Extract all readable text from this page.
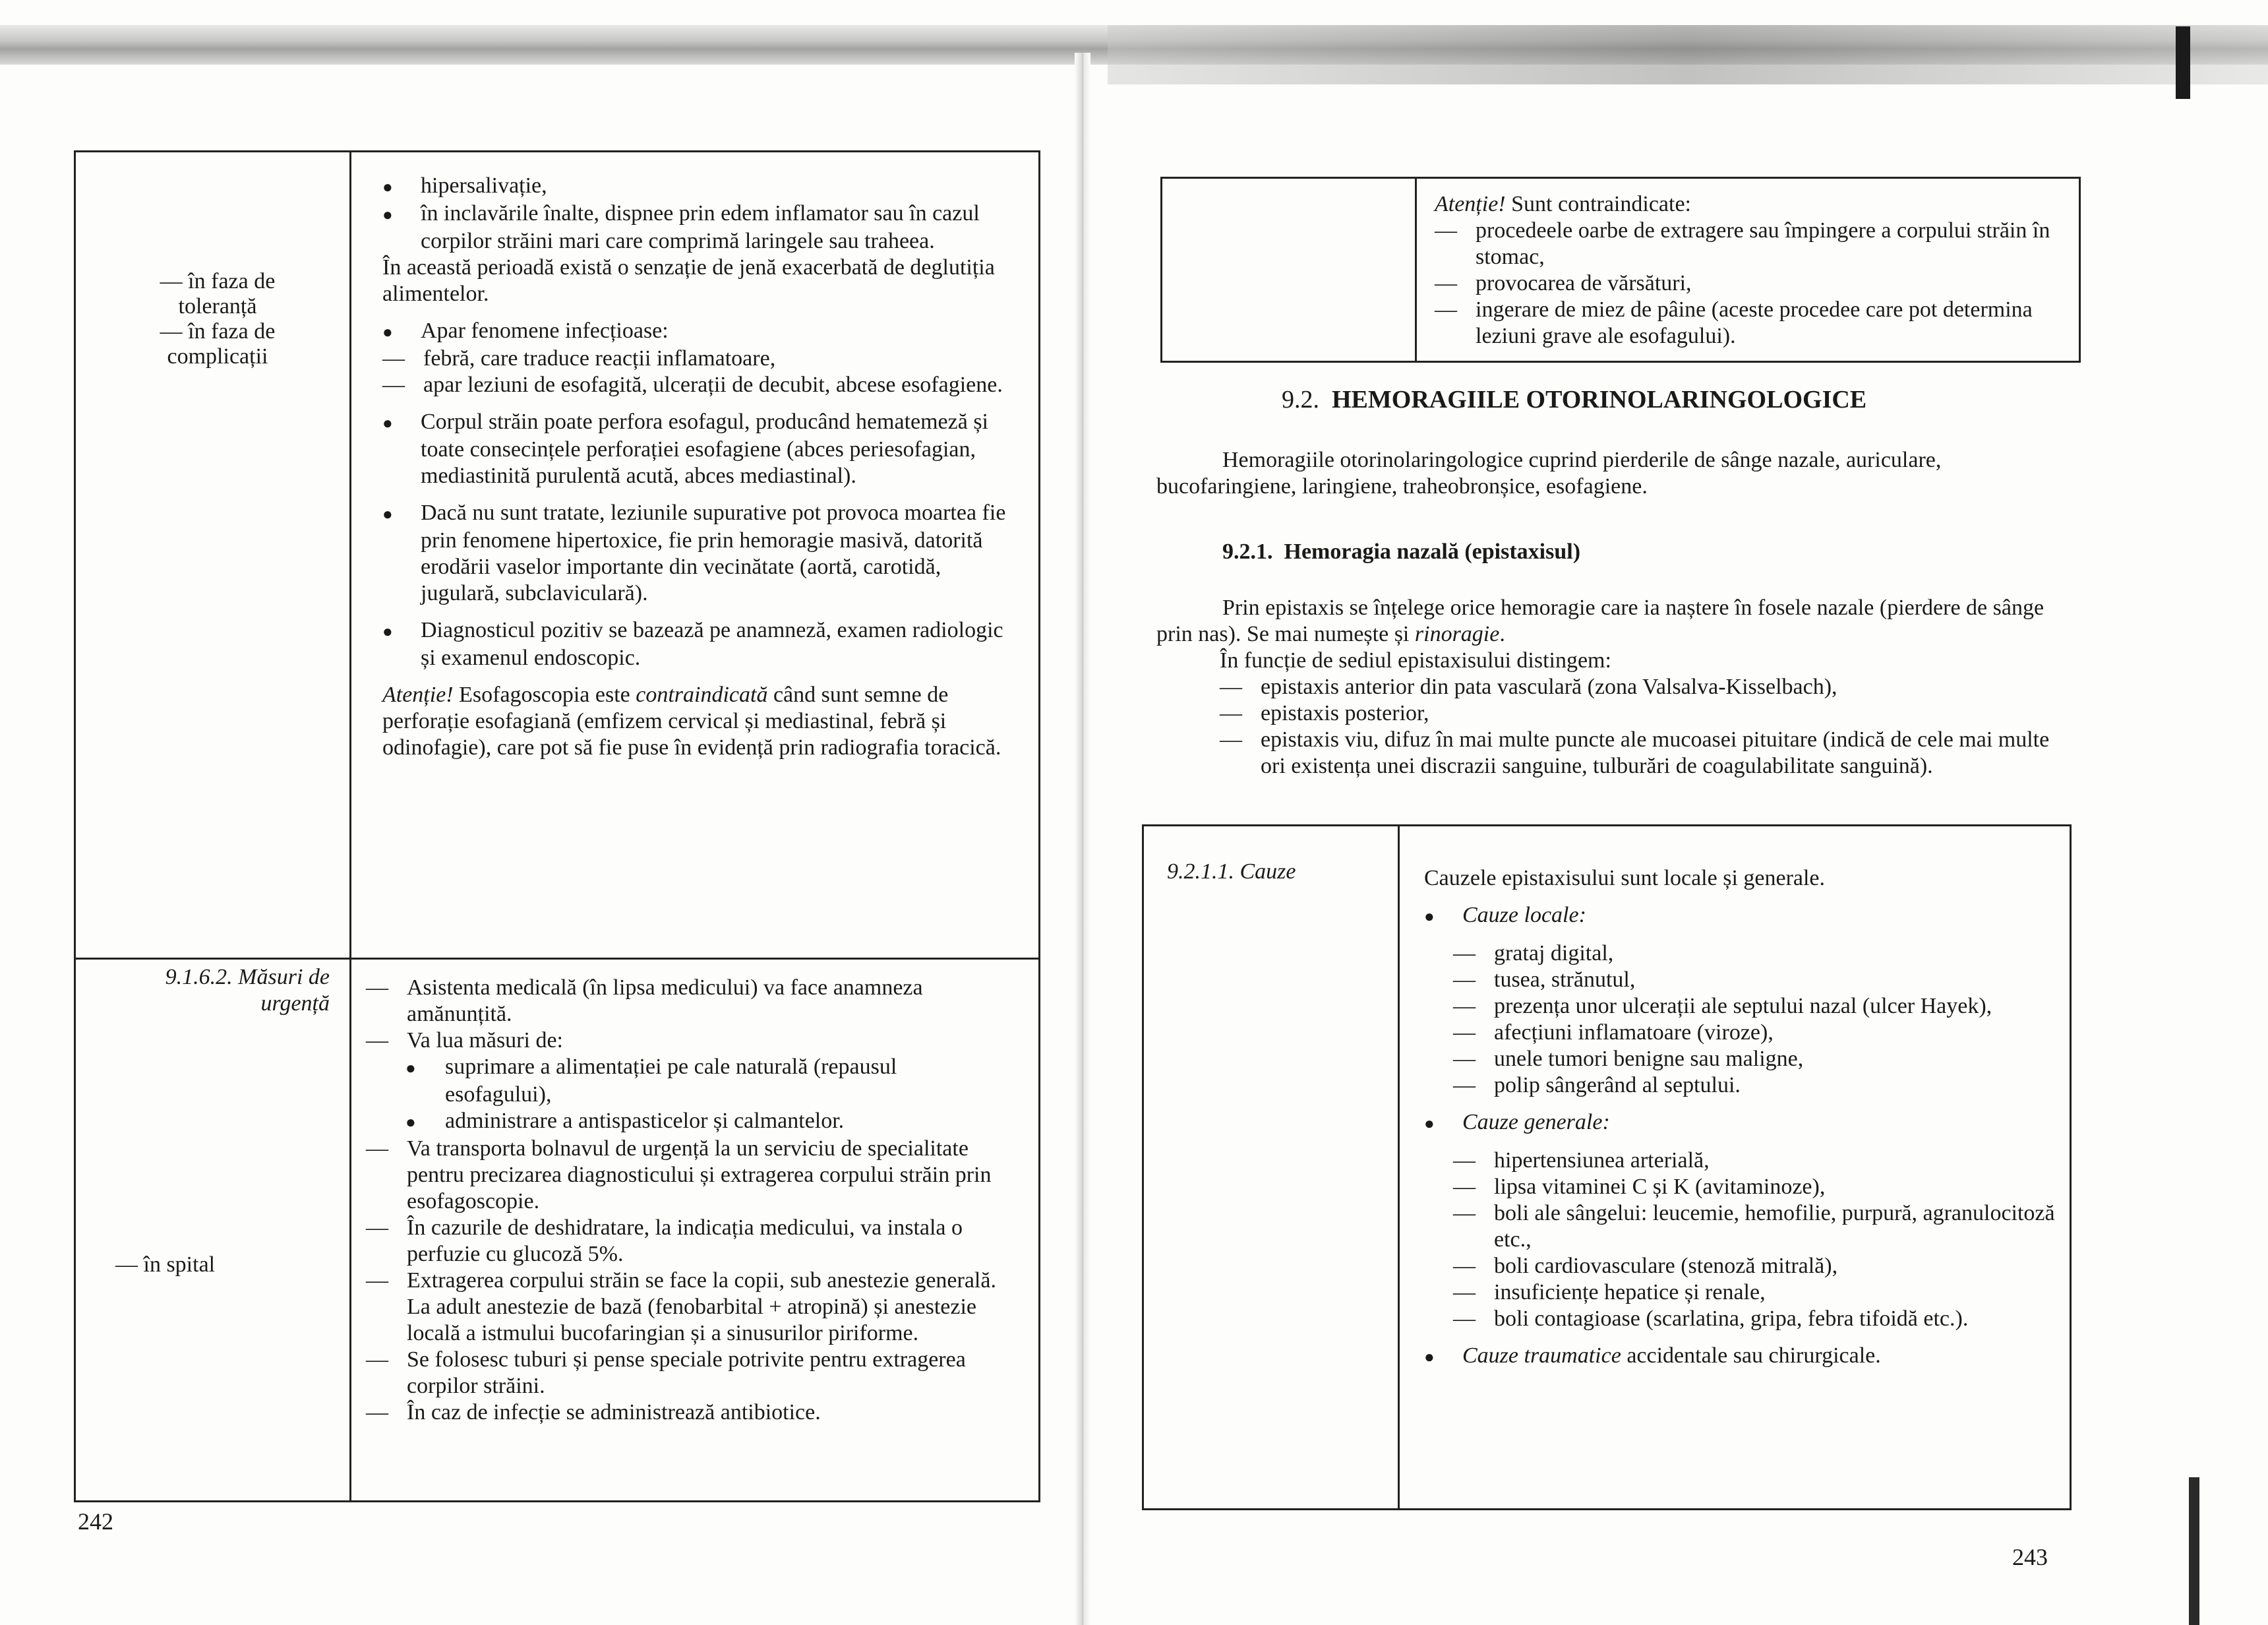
— în faza de
toleranță
— în faza de
complicații

● hipersalivație,

● în inclavările înalte, dispnee prin edem inflamator sau în cazul corpilor străini mari care comprimă laringele sau traheea.

În această perioadă există o senzație de jenă exacerbată de deglutiția alimentelor.

● Apar fenomene infecțioase:

— febră, care traduce reacții inflamatoare,

— apar leziuni de esofagită, ulcerații de decubit, abcese esofagiene.

● Corpul străin poate perfora esofagul, producând hematemeză și toate consecințele perforației esofagiene (abces periesofagian, mediastinită purulentă acută, abces mediastinal).

● Dacă nu sunt tratate, leziunile supurative pot provoca moartea fie prin fenomene hipertoxice, fie prin hemoragie masivă, datorită erodării vaselor importante din vecinătate (aortă, carotidă, jugulară, subclaviculară).

● Diagnosticul pozitiv se bazează pe anamneză, examen radiologic și examenul endoscopic.

Atenție! Esofagoscopia este contraindicată când sunt semne de perforație esofagiană (emfizem cervical și mediastinal, febră și odinofagie), care pot să fie puse în evidență prin radiografia toracică.

9.1.6.2. Măsuri de urgență
— în spital

— Asistenta medicală (în lipsa medicului) va face anamneza amănunțită.

— Va lua măsuri de:

● suprimare a alimentației pe cale naturală (repausul esofagului),

● administrare a antispasticelor și calmantelor.

— Va transporta bolnavul de urgență la un serviciu de specialitate pentru precizarea diagnosticului și extragerea corpului străin prin esofagoscopie.

— În cazurile de deshidratare, la indicația medicului, va instala o perfuzie cu glucoză 5%.

— Extragerea corpului străin se face la copii, sub anestezie generală.

La adult anestezie de bază (fenobarbital + atropină) și anestezie locală a istmului bucofaringian și a sinusurilor piriforme.

— Se folosesc tuburi și pense speciale potrivite pentru extragerea corpilor străini.

— În caz de infecție se administrează antibiotice.

242

Atenție! Sunt contraindicate:

— procedeele oarbe de extragere sau împingere a corpului străin în stomac,

— provocarea de vărsături,

— ingerare de miez de pâine (aceste procedee care pot determina leziuni grave ale esofagului).

9.2. HEMORAGIILE OTORINOLARINGOLOGICE
Hemoragiile otorinolaringologice cuprind pierderile de sânge nazale, auriculare, bucofaringiene, laringiene, traheobronșice, esofagiene.
9.2.1. Hemoragia nazală (epistaxisul)

Prin epistaxis se înțelege orice hemoragie care ia naștere în fosele nazale (pierdere de sânge prin nas). Se mai numește și rinoragie.

În funcție de sediul epistaxisului distingem:

— epistaxis anterior din pata vasculară (zona Valsalva-Kisselbach),

— epistaxis posterior,

— epistaxis viu, difuz în mai multe puncte ale mucoasei pituitare (indică de cele mai multe ori existența unei discrazii sanguine, tulburări de coagulabilitate sanguină).

9.2.1.1. Cauze	Cauzele epistaxisului sunt locale și generale.

● Cauze locale:

— grataj digital,

— tusea, strănutul,

— prezența unor ulcerații ale septului nazal (ulcer Hayek),

— afecțiuni inflamatoare (viroze),

— unele tumori benigne sau maligne,

— polip sângerând al septului.

● Cauze generale:

— hipertensiunea arterială,

— lipsa vitaminei C și K (avitaminoze),

— boli ale sângelui: leucemie, hemofilie, purpură, agranulocitoză etc.,

— boli cardiovasculare (stenoză mitrală),

— insuficiențe hepatice și renale,

— boli contagioase (scarlatina, gripa, febra tifoidă etc.).

● Cauze traumatice accidentale sau chirurgicale.

243
